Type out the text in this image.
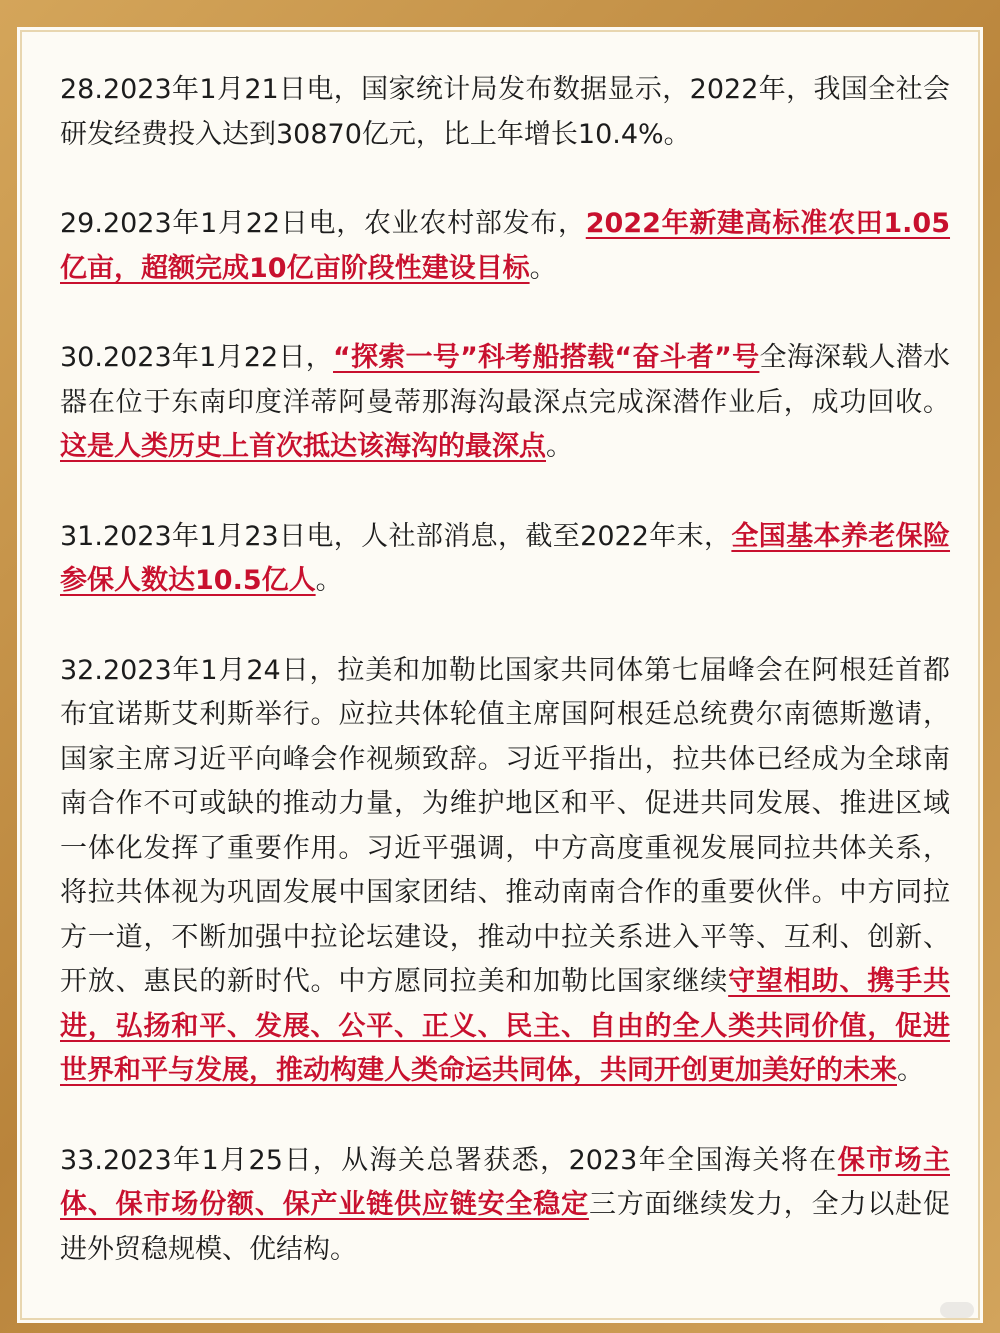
28.2023年1月21日电，国家统计局发布数据显示，2022年，我国全社会研发经费投入达到30870亿元，比上年增长10.4%。

29.2023年1月22日电，农业农村部发布，2022年新建高标准农田1.05亿亩，超额完成10亿亩阶段性建设目标。

30.2023年1月22日，“探索一号”科考船搭载“奋斗者”号全海深载人潜水器在位于东南印度洋蒂阿曼蒂那海沟最深点完成深潜作业后，成功回收。这是人类历史上首次抵达该海沟的最深点。

31.2023年1月23日电，人社部消息，截至2022年末，全国基本养老保险参保人数达10.5亿人。

32.2023年1月24日，拉美和加勒比国家共同体第七届峰会在阿根廷首都布宜诺斯艾利斯举行。应拉共体轮值主席国阿根廷总统费尔南德斯邀请，国家主席习近平向峰会作视频致辞。习近平指出，拉共体已经成为全球南南合作不可或缺的推动力量，为维护地区和平、促进共同发展、推进区域一体化发挥了重要作用。习近平强调，中方高度重视发展同拉共体关系，将拉共体视为巩固发展中国家团结、推动南南合作的重要伙伴。中方同拉方一道，不断加强中拉论坛建设，推动中拉关系进入平等、互利、创新、开放、惠民的新时代。中方愿同拉美和加勒比国家继续守望相助、携手共进，弘扬和平、发展、公平、正义、民主、自由的全人类共同价值，促进世界和平与发展，推动构建人类命运共同体，共同开创更加美好的未来。

33.2023年1月25日，从海关总署获悉，2023年全国海关将在保市场主体、保市场份额、保产业链供应链安全稳定三方面继续发力，全力以赴促进外贸稳规模、优结构。
